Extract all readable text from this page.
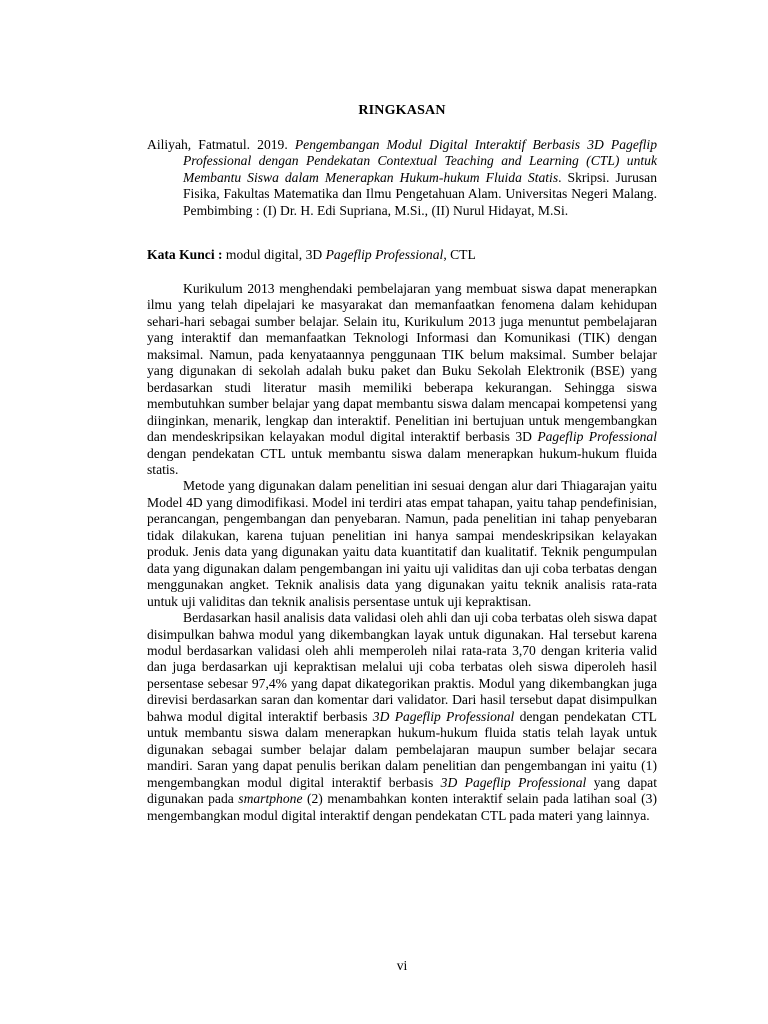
RINGKASAN
Ailiyah, Fatmatul. 2019. Pengembangan Modul Digital Interaktif Berbasis 3D Pageflip Professional dengan Pendekatan Contextual Teaching and Learning (CTL) untuk Membantu Siswa dalam Menerapkan Hukum-hukum Fluida Statis. Skripsi. Jurusan Fisika, Fakultas Matematika dan Ilmu Pengetahuan Alam. Universitas Negeri Malang. Pembimbing : (I) Dr. H. Edi Supriana, M.Si., (II) Nurul Hidayat, M.Si.
Kata Kunci : modul digital, 3D Pageflip Professional, CTL

Kurikulum 2013 menghendaki pembelajaran yang membuat siswa dapat menerapkan ilmu yang telah dipelajari ke masyarakat dan memanfaatkan fenomena dalam kehidupan sehari-hari sebagai sumber belajar. Selain itu, Kurikulum 2013 juga menuntut pembelajaran yang interaktif dan memanfaatkan Teknologi Informasi dan Komunikasi (TIK) dengan maksimal. Namun, pada kenyataannya penggunaan TIK belum maksimal. Sumber belajar yang digunakan di sekolah adalah buku paket dan Buku Sekolah Elektronik (BSE) yang berdasarkan studi literatur masih memiliki beberapa kekurangan. Sehingga siswa membutuhkan sumber belajar yang dapat membantu siswa dalam mencapai kompetensi yang diinginkan, menarik, lengkap dan interaktif. Penelitian ini bertujuan untuk mengembangkan dan mendeskripsikan kelayakan modul digital interaktif berbasis 3D Pageflip Professional dengan pendekatan CTL untuk membantu siswa dalam menerapkan hukum-hukum fluida statis.

Metode yang digunakan dalam penelitian ini sesuai dengan alur dari Thiagarajan yaitu Model 4D yang dimodifikasi. Model ini terdiri atas empat tahapan, yaitu tahap pendefinisian, perancangan, pengembangan dan penyebaran. Namun, pada penelitian ini tahap penyebaran tidak dilakukan, karena tujuan penelitian ini hanya sampai mendeskripsikan kelayakan produk. Jenis data yang digunakan yaitu data kuantitatif dan kualitatif. Teknik pengumpulan data yang digunakan dalam pengembangan ini yaitu uji validitas dan uji coba terbatas dengan menggunakan angket. Teknik analisis data yang digunakan yaitu teknik analisis rata-rata untuk uji validitas dan teknik analisis persentase untuk uji kepraktisan.

Berdasarkan hasil analisis data validasi oleh ahli dan uji coba terbatas oleh siswa dapat disimpulkan bahwa modul yang dikembangkan layak untuk digunakan. Hal tersebut karena modul berdasarkan validasi oleh ahli memperoleh nilai rata-rata 3,70 dengan kriteria valid dan juga berdasarkan uji kepraktisan melalui uji coba terbatas oleh siswa diperoleh hasil persentase sebesar 97,4% yang dapat dikategorikan praktis. Modul yang dikembangkan juga direvisi berdasarkan saran dan komentar dari validator. Dari hasil tersebut dapat disimpulkan bahwa modul digital interaktif berbasis 3D Pageflip Professional dengan pendekatan CTL untuk membantu siswa dalam menerapkan hukum-hukum fluida statis telah layak untuk digunakan sebagai sumber belajar dalam pembelajaran maupun sumber belajar secara mandiri. Saran yang dapat penulis berikan dalam penelitian dan pengembangan ini yaitu (1) mengembangkan modul digital interaktif berbasis 3D Pageflip Professional yang dapat digunakan pada smartphone (2) menambahkan konten interaktif selain pada latihan soal (3) mengembangkan modul digital interaktif dengan pendekatan CTL pada materi yang lainnya.

vi
